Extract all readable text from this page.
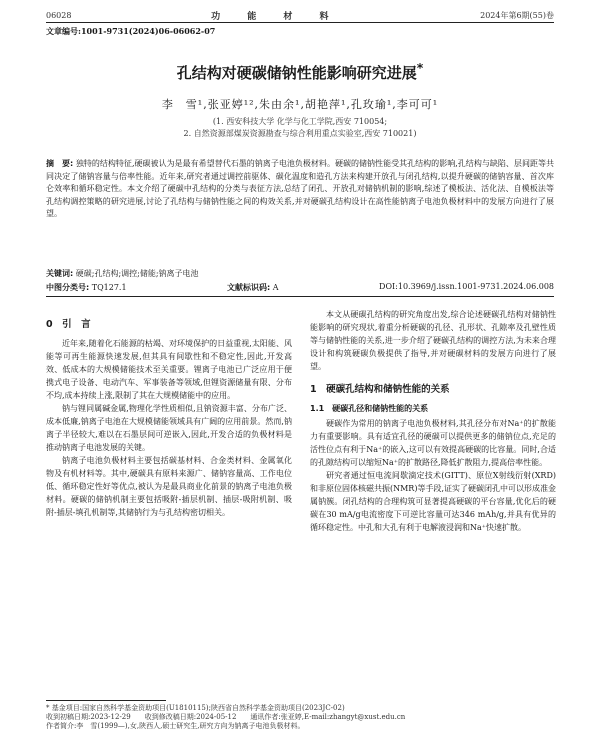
06028	功 能 材 料	2024年第6期(55)卷
文章编号:1001-9731(2024)06-06062-07
孔结构对硬碳储钠性能影响研究进展*
李　雪¹,张亚婷¹²,朱由余¹,胡艳萍¹,孔玫瑜¹,李可可¹
(1. 西安科技大学 化学与化工学院,西安 710054;
2. 自然资源部煤炭资源勘查与综合利用重点实验室,西安 710021)
摘　要: 独特的结构特征,硬碳被认为是最有希望替代石墨的钠离子电池负极材料。硬碳的储钠性能受其孔结构的影响,孔结构与缺陷、层间距等共同决定了储钠容量与倍率性能。近年来,研究者通过调控前驱体、碳化温度和造孔方法来构建开放孔与闭孔结构,以提升硬碳的储钠容量、首次库仑效率和循环稳定性。本文介绍了硬碳中孔结构的分类与表征方法,总结了闭孔、开放孔对储钠机制的影响,综述了模板法、活化法、自模板法等孔结构调控策略的研究进展,讨论了孔结构与储钠性能之间的构效关系,并对硬碳孔结构设计在高性能钠离子电池负极材料中的发展方向进行了展望。
关键词: 硬碳;孔结构;调控;储能;钠离子电池
中图分类号: TQ127.1	文献标识码: A	DOI:10.3969/j.issn.1001-9731.2024.06.008
0　引　言

近年来,随着化石能源的枯竭、对环境保护的日益重视,太阳能、风能等可再生能源快速发展,但其具有间歇性和不稳定性,因此,开发高效、低成本的大规模储能技术至关重要。锂离子电池已广泛应用于便携式电子设备、电动汽车、军事装备等领域,但锂资源储量有限、分布不均,成本持续上涨,限制了其在大规模储能中的应用。

钠与锂同属碱金属,物理化学性质相似,且钠资源丰富、分布广泛、成本低廉,钠离子电池在大规模储能领域具有广阔的应用前景。然而,钠离子半径较大,难以在石墨层间可逆嵌入,因此,开发合适的负极材料是推动钠离子电池发展的关键。

钠离子电池负极材料主要包括碳基材料、合金类材料、金属氧化物及有机材料等。其中,硬碳具有原料来源广、储钠容量高、工作电位低、循环稳定性好等优点,被认为是最具商业化前景的钠离子电池负极材料。硬碳的储钠机制主要包括吸附-插层机制、插层-吸附机制、吸附-插层-填孔机制等,其储钠行为与孔结构密切相关。

本文从硬碳孔结构的研究角度出发,综合论述硬碳孔结构对储钠性能影响的研究现状,着重分析硬碳的孔径、孔形状、孔隙率及孔壁性质等与储钠性能的关系,进一步介绍了硬碳孔结构的调控方法,为未来合理设计和构筑硬碳负极提供了指导,并对硬碳材料的发展方向进行了展望。

1　硬碳孔结构和储钠性能的关系
1.1　硬碳孔径和储钠性能的关系

硬碳作为常用的钠离子电池负极材料,其孔径分布对Na⁺的扩散能力有重要影响。具有适宜孔径的硬碳可以提供更多的储钠位点,充足的活性位点有利于Na⁺的嵌入,这可以有效提高硬碳的比容量。同时,合适的孔隙结构可以缩短Na⁺的扩散路径,降低扩散阻力,提高倍率性能。

研究者通过恒电流间歇滴定技术(GITT)、原位X射线衍射(XRD)和非原位固体核磁共振(NMR)等手段,证实了硬碳闭孔中可以形成准金属钠簇。闭孔结构的合理构筑可显著提高硬碳的平台容量,优化后的硬碳在30 mA/g电流密度下可逆比容量可达346 mAh/g,并具有优异的循环稳定性。中孔和大孔有利于电解液浸润和Na⁺快速扩散。

* 基金项目:国家自然科学基金资助项目(U1810115);陕西省自然科学基金资助项目(2023JC-02)
收到初稿日期:2023-12-29　　收到修改稿日期:2024-05-12　　通讯作者:张亚婷,E-mail:zhangyt@xust.edu.cn
作者简介:李　雪(1999—),女,陕西人,硕士研究生,研究方向为钠离子电池负极材料。
